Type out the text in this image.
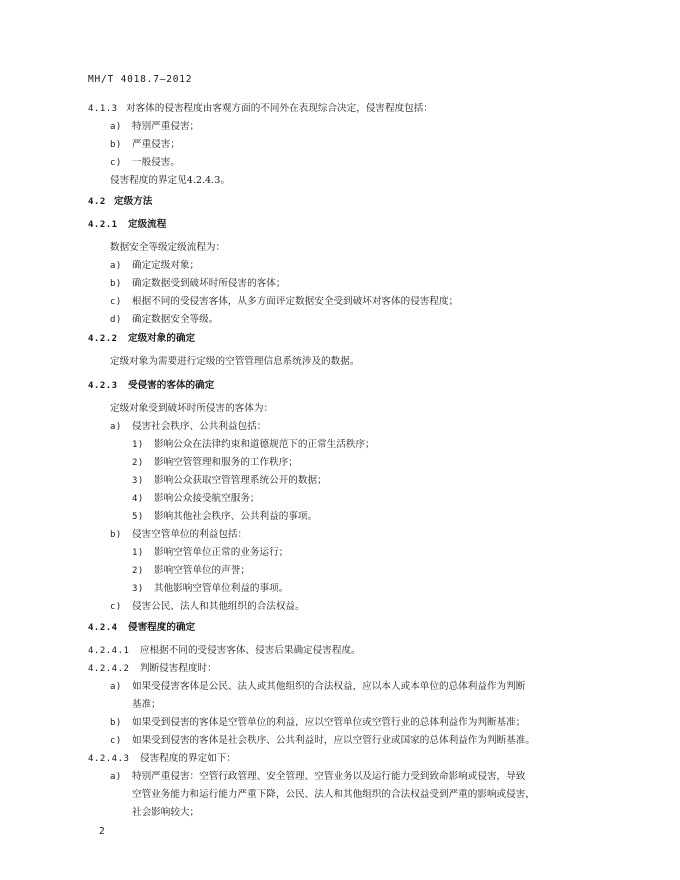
MH/T 4018.7—2012
4.1.3 对客体的侵害程度由客观方面的不同外在表现综合决定，侵害程度包括：
a) 特别严重侵害；
b) 严重侵害；
c) 一般侵害。
侵害程度的界定见4.2.4.3。
4.2 定级方法
4.2.1 定级流程
数据安全等级定级流程为：
a) 确定定级对象；
b) 确定数据受到破坏时所侵害的客体；
c) 根据不同的受侵害客体，从多方面评定数据安全受到破坏对客体的侵害程度；
d) 确定数据安全等级。
4.2.2 定级对象的确定
定级对象为需要进行定级的空管管理信息系统涉及的数据。
4.2.3 受侵害的客体的确定
定级对象受到破坏时所侵害的客体为：
a) 侵害社会秩序、公共利益包括：
1) 影响公众在法律约束和道德规范下的正常生活秩序；
2) 影响空管管理和服务的工作秩序；
3) 影响公众获取空管管理系统公开的数据；
4) 影响公众接受航空服务；
5) 影响其他社会秩序、公共利益的事项。
b) 侵害空管单位的利益包括：
1) 影响空管单位正常的业务运行；
2) 影响空管单位的声誉；
3) 其他影响空管单位利益的事项。
c) 侵害公民、法人和其他组织的合法权益。
4.2.4 侵害程度的确定
4.2.4.1 应根据不同的受侵害客体、侵害后果确定侵害程度。
4.2.4.2 判断侵害程度时：
a) 如果受侵害客体是公民、法人或其他组织的合法权益，应以本人或本单位的总体利益作为判断
基准；
b) 如果受到侵害的客体是空管单位的利益，应以空管单位或空管行业的总体利益作为判断基准；
c) 如果受到侵害的客体是社会秩序、公共利益时，应以空管行业或国家的总体利益作为判断基准。
4.2.4.3 侵害程度的界定如下：
a) 特别严重侵害：空管行政管理、安全管理、空管业务以及运行能力受到致命影响或侵害，导致
空管业务能力和运行能力严重下降，公民、法人和其他组织的合法权益受到严重的影响或侵害，
社会影响较大；
2
